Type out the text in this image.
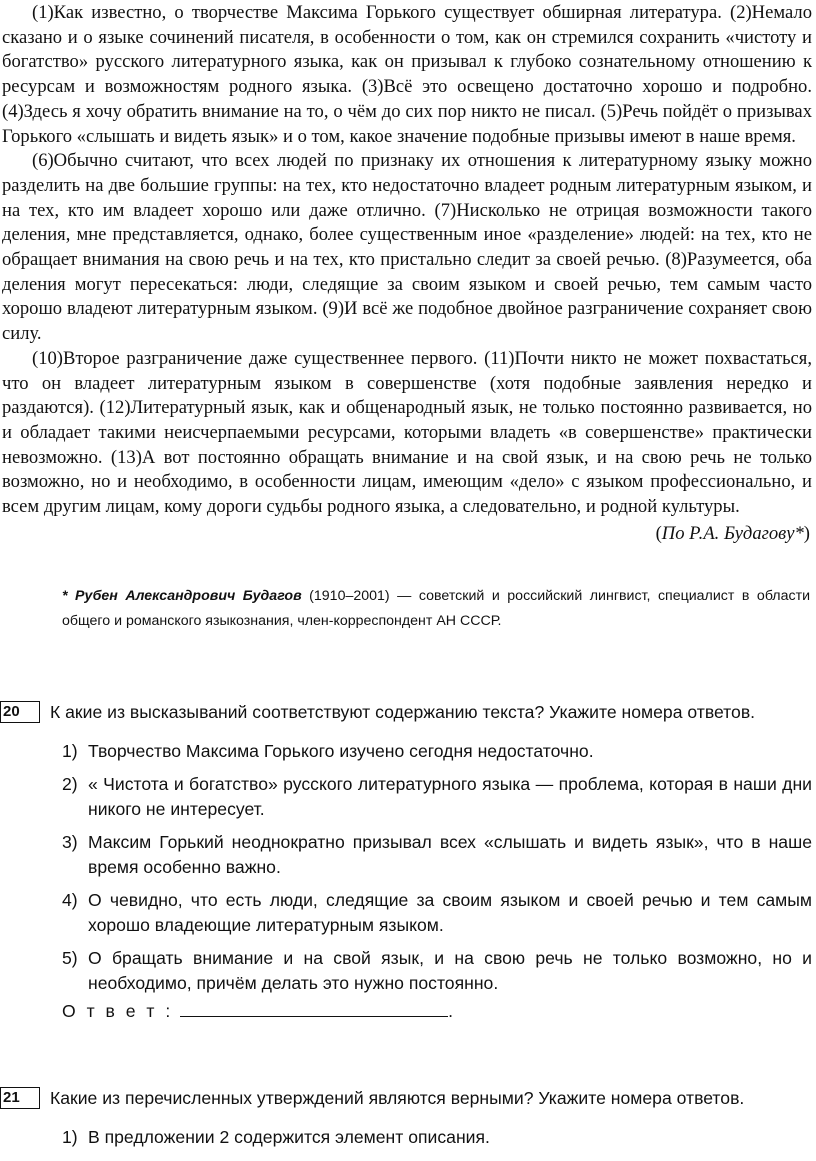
(1)Как известно, о творчестве Максима Горького существует обширная литература. (2)Немало сказано и о языке сочинений писателя, в особенности о том, как он стремился сохранить «чистоту и богатство» русского литературного языка, как он призывал к глубоко сознательному отношению к ресурсам и возможностям родного языка. (3)Всё это освещено достаточно хорошо и подробно. (4)Здесь я хочу обратить внимание на то, о чём до сих пор никто не писал. (5)Речь пойдёт о призывах Горького «слышать и видеть язык» и о том, какое значение подобные призывы имеют в наше время.

(6)Обычно считают, что всех людей по признаку их отношения к литературному языку можно разделить на две большие группы: на тех, кто недостаточно владеет родным литературным языком, и на тех, кто им владеет хорошо или даже отлично. (7)Нисколько не отрицая возможности такого деления, мне представляется, однако, более существенным иное «разделение» людей: на тех, кто не обращает внимания на свою речь и на тех, кто пристально следит за своей речью. (8)Разумеется, оба деления могут пересекаться: люди, следящие за своим языком и своей речью, тем самым часто хорошо владеют литературным языком. (9)И всё же подобное двойное разграничение сохраняет свою силу.

(10)Второе разграничение даже существеннее первого. (11)Почти никто не может похвастаться, что он владеет литературным языком в совершенстве (хотя подобные заявления нередко и раздаются). (12)Литературный язык, как и общенародный язык, не только постоянно развивается, но и обладает такими неисчерпаемыми ресурсами, которыми владеть «в совершенстве» практически невозможно. (13)А вот постоянно обращать внимание и на свой язык, и на свою речь не только возможно, но и необходимо, в особенности лицам, имеющим «дело» с языком профессионально, и всем другим лицам, кому дороги судьбы родного языка, а следовательно, и родной культуры.

(По Р.А. Будагову*)
* Рубен Александрович Будагов (1910–2001) — советский и российский лингвист, специалист в области общего и романского языкознания, член-корреспондент АН СССР.
20	К акие из высказываний соответствуют содержанию текста? Укажите номера ответов.
1) Творчество Максима Горького изучено сегодня недостаточно.
2) « Чистота и богатство» русского литературного языка — проблема, которая в наши дни никого не интересует.
3) Максим Горький неоднократно призывал всех «слышать и видеть язык», что в наше время особенно важно.
4) О чевидно, что есть люди, следящие за своим языком и своей речью и тем самым хорошо владеющие литературным языком.
5) О бращать внимание и на свой язык, и на свою речь не только возможно, но и необходимо, причём делать это нужно постоянно.
О т в е т :	.
21	Какие из перечисленных утверждений являются верными? Укажите номера ответов.
1) В предложении 2 содержится элемент описания.
